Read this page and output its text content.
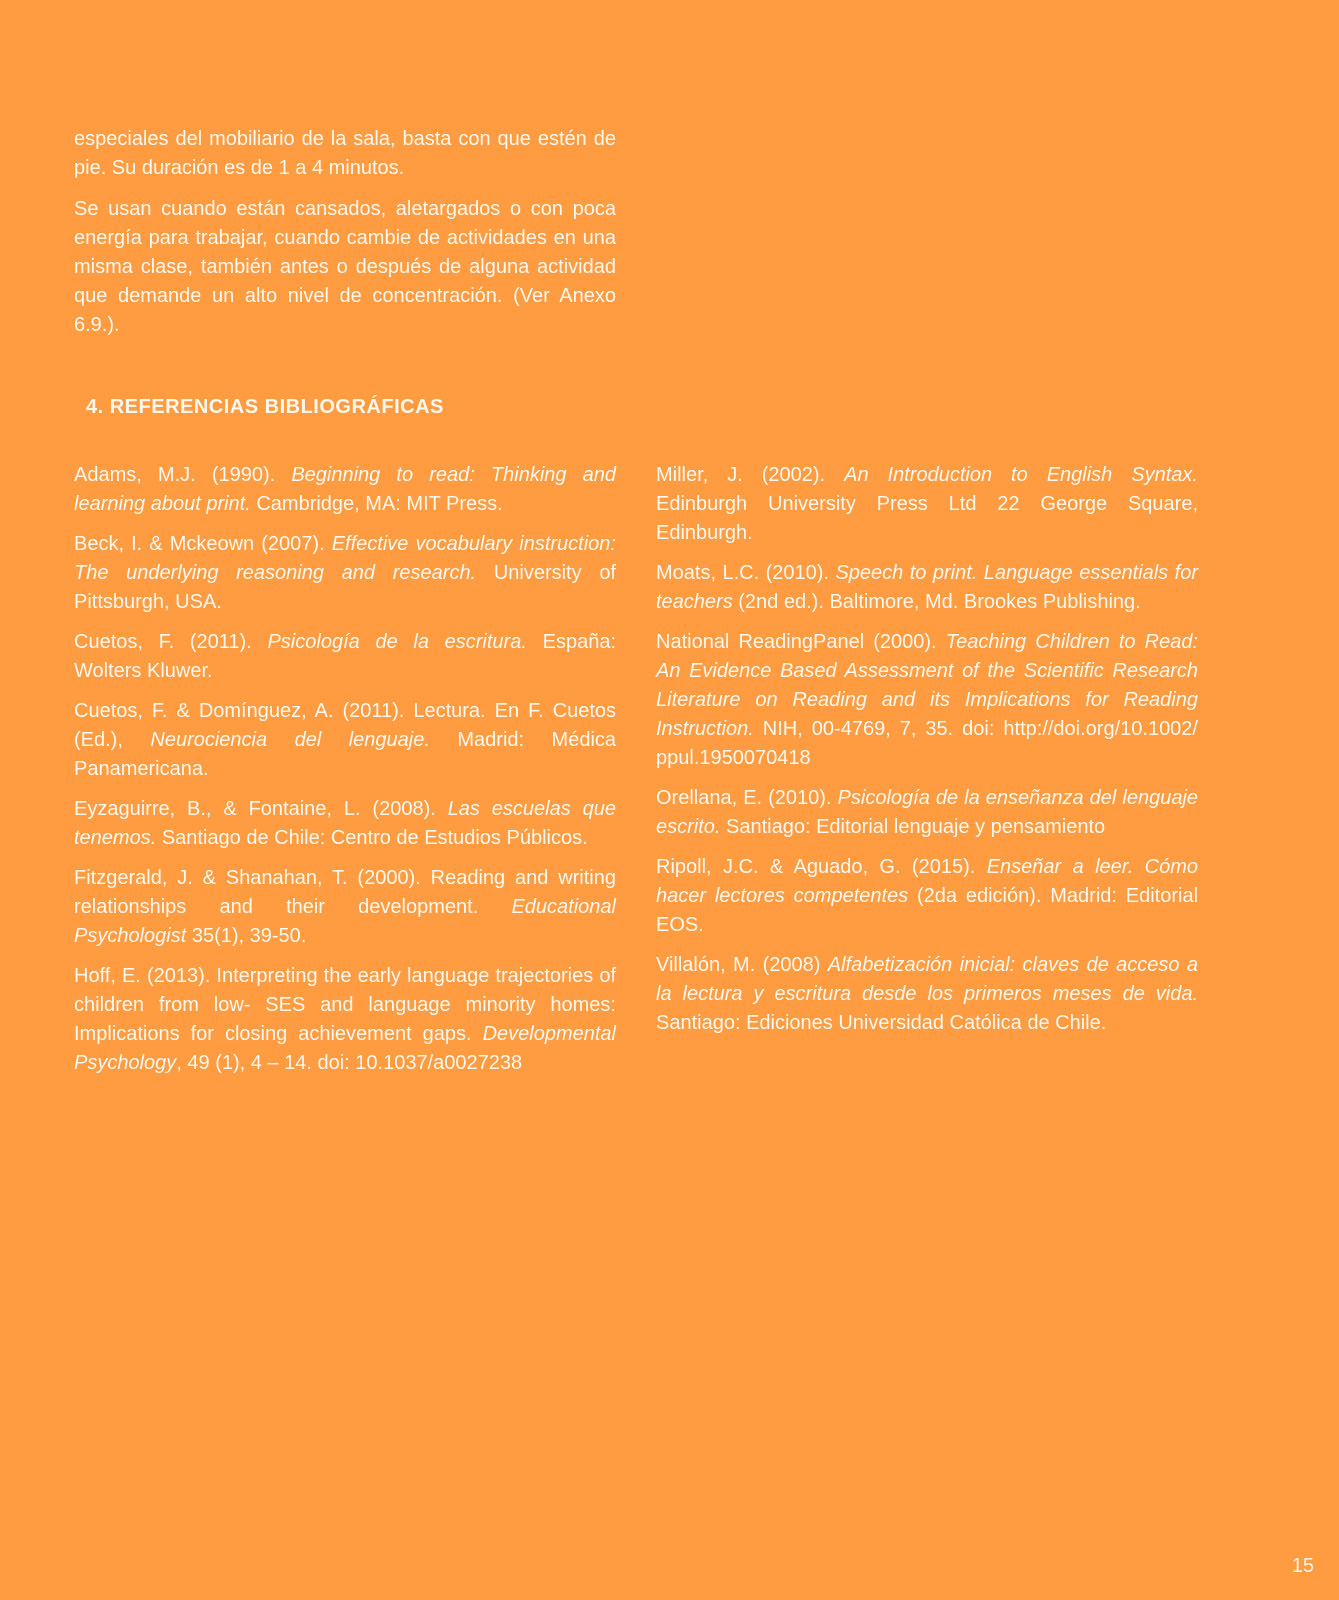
especiales del mobiliario de la sala, basta con que estén de pie. Su duración es de 1 a 4 minutos.

Se usan cuando están cansados, aletargados o con poca energía para trabajar, cuando cambie de actividades en una misma clase, también antes o después de alguna actividad que demande un alto nivel de concentración. (Ver Anexo 6.9.).

4. REFERENCIAS BIBLIOGRÁFICAS

Adams, M.J. (1990). Beginning to read: Thinking and learning about print. Cambridge, MA: MIT Press.

Beck, I. & Mckeown (2007). Effective vocabulary instruction: The underlying reasoning and research. University of Pittsburgh, USA.

Cuetos, F. (2011). Psicología de la escritura. España: Wolters Kluwer.

Cuetos, F. & Domínguez, A. (2011). Lectura. En F. Cuetos (Ed.), Neurociencia del lenguaje. Madrid: Médica Panamericana.

Eyzaguirre, B., & Fontaine, L. (2008). Las escuelas que tenemos. Santiago de Chile: Centro de Estudios Públicos.

Fitzgerald, J. & Shanahan, T. (2000). Reading and writing relationships and their development. Educational Psychologist 35(1), 39-50.

Hoff, E. (2013). Interpreting the early language trajectories of children from low- SES and language minority homes: Implications for closing achievement gaps. Developmental Psychology, 49 (1), 4 – 14. doi: 10.1037/a0027238

Miller, J. (2002). An Introduction to English Syntax. Edinburgh University Press Ltd 22 George Square, Edinburgh.

Moats, L.C. (2010). Speech to print. Language essentials for teachers (2nd ed.). Baltimore, Md. Brookes Publishing.

National ReadingPanel (2000). Teaching Children to Read: An Evidence Based Assessment of the Scientific Research Literature on Reading and its Implications for Reading Instruction. NIH, 00-4769, 7, 35. doi: http://doi.org/10.1002/ ppul.1950070418

Orellana, E. (2010). Psicología de la enseñanza del lenguaje escrito. Santiago: Editorial lenguaje y pensamiento

Ripoll, J.C. & Aguado, G. (2015). Enseñar a leer. Cómo hacer lectores competentes (2da edición). Madrid: Editorial EOS.

Villalón, M. (2008) Alfabetización inicial: claves de acceso a la lectura y escritura desde los primeros meses de vida. Santiago: Ediciones Universidad Católica de Chile.

15
